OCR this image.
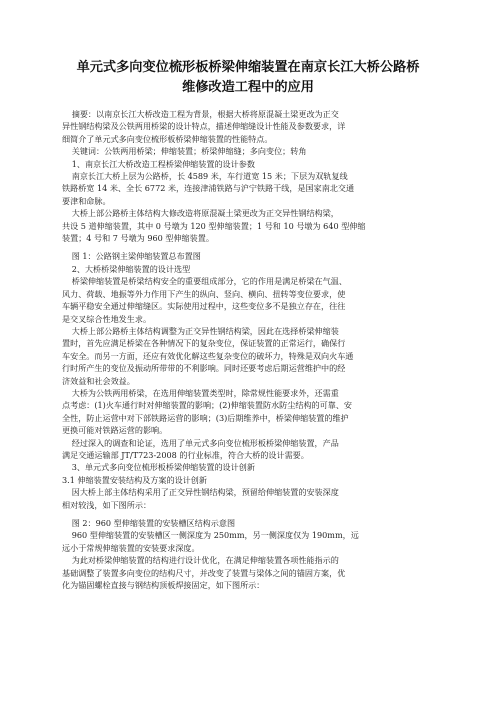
单元式多向变位梳形板桥梁伸缩装置在南京长江大桥公路桥
维修改造工程中的应用

摘要：以南京长江大桥改造工程为背景，根据大桥将原混凝土梁更改为正交

异性钢结构梁及公铁两用桥梁的设计特点，描述伸缩缝设计性能及参数要求，详

细简介了单元式多向变位梳形板桥梁伸缩装置的性能特点。

关键词：公铁两用桥梁；伸缩装置；桥梁伸缩缝；多向变位；转角

1、南京长江大桥改造工程桥梁伸缩装置的设计参数

南京长江大桥上层为公路桥，长 4589 米，车行道宽 15 米；下层为双轨复线

铁路桥宽 14 米、全长 6772 米，连接津浦铁路与沪宁铁路干线，是国家南北交通

要津和命脉。

大桥上部公路桥主体结构大修改造将原混凝土梁更改为正交异性钢结构梁，

共设 5 道伸缩装置，其中 0 号墩为 120 型伸缩装置；1 号和 10 号墩为 640 型伸缩

装置；4 号和 7 号墩为 960 型伸缩装置。

图 1：公路钢主梁伸缩装置总布置图

2、大桥桥梁伸缩装置的设计选型

桥梁伸缩装置是桥梁结构安全的重要组成部分，它的作用是满足桥梁在气温、

风力、荷载、地振等外力作用下产生的纵向、竖向、横向、扭转等变位要求，使

车辆平稳安全通过伸缩缝区。实际使用过程中，这些变位多不是独立存在，往往

是交叉综合性地发生求。

大桥上部公路桥主体结构调整为正交异性钢结构梁，因此在选择桥梁伸缩装

置时，首先应满足桥梁在各种情况下的复杂变位，保证装置的正常运行，确保行

车安全。而另一方面，还应有效优化解这些复杂变位的破坏力，特殊是双向火车通

行时所产生的变位及振动所带带的不利影响。同时还要考虑后期运营维护中的经

济效益和社会效益。

大桥为公铁两用桥梁，在选用伸缩装置类型时，除常规性能要求外，还需重

点考虑：(1)火车通行时对伸缩装置的影响；(2)伸缩装置防水防尘结构的可靠、安

全性，防止运营中对下部铁路运营的影响；(3)后期维养中，桥梁伸缩装置的维护

更换可能对铁路运营的影响。

经过深入的调查和论证，选用了单元式多向变位梳形板桥梁伸缩装置，产品

满足交通运输部 JT/T723-2008 的行业标准，符合大桥的设计需要。

3、单元式多向变位梳形板桥梁伸缩装置的设计创新

3.1 伸缩装置安装结构及方案的设计创新

因大桥上部主体结构采用了正交异性钢结构梁，预留给伸缩装置的安装深度

相对较浅，如下图所示：

图 2：960 型伸缩装置的安装槽区结构示意图

960 型伸缩装置的安装槽区一侧深度为 250mm，另一侧深度仅为 190mm，远

远小于常规伸缩装置的安装要求深度。

为此对桥梁伸缩装置的结构进行设计优化，在满足伸缩装置各项性能指示的

基础调整了装置多向变位的结构尺寸，并改变了装置与梁体之间的锚固方案，优

化为锚固螺栓直接与钢结构顶板焊接固定，如下图所示：
